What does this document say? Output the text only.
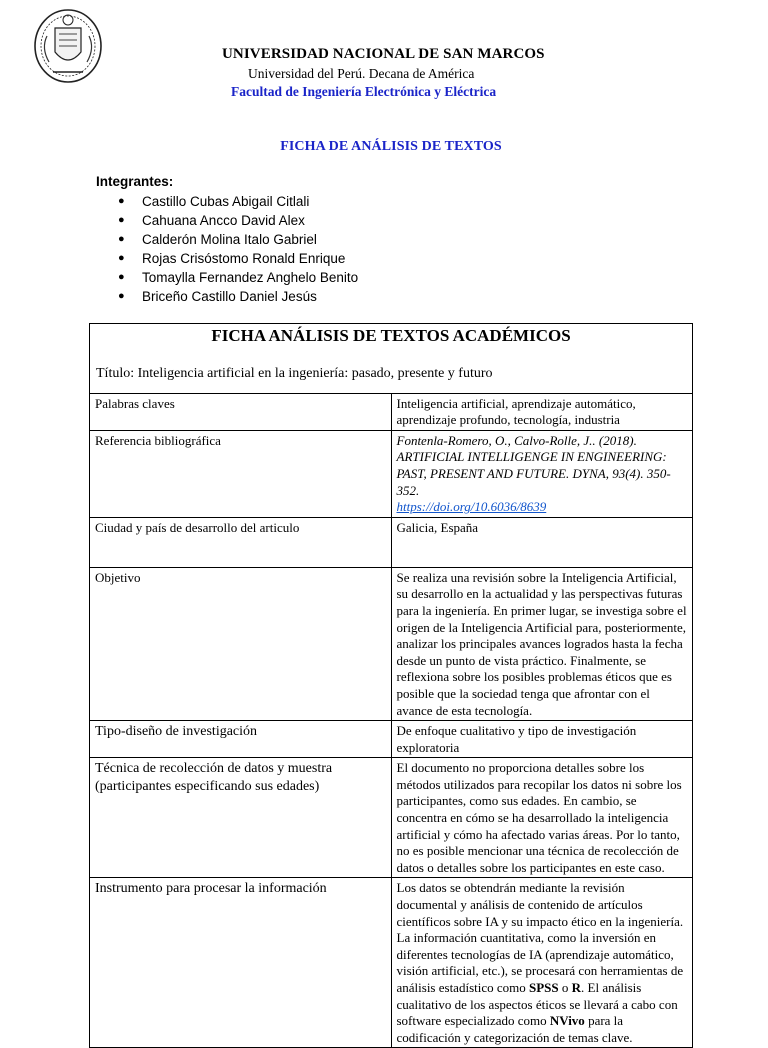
UNIVERSIDAD NACIONAL DE SAN MARCOS
Universidad del Perú. Decana de América
Facultad de Ingeniería Electrónica y Eléctrica
FICHA DE ANÁLISIS DE TEXTOS
Integrantes:
● Castillo Cubas Abigail Citlali
● Cahuana Ancco David Alex
● Calderón Molina Italo Gabriel
● Rojas Crisóstomo Ronald Enrique
● Tomaylla Fernandez Anghelo Benito
● Briceño Castillo Daniel Jesús
FICHA ANÁLISIS DE TEXTOS ACADÉMICOS
Título: Inteligencia artificial en la ingeniería: pasado, presente y futuro	

Palabras claves	Inteligencia artificial, aprendizaje automático, aprendizaje profundo, tecnología, industria
Referencia bibliográfica	Fontenla-Romero, O., Calvo-Rolle, J.. (2018). ARTIFICIAL INTELLIGENGE IN ENGINEERING: PAST, PRESENT AND FUTURE. DYNA, 93(4). 350-352.
https://doi.org/10.6036/8639
Ciudad y país de desarrollo del articulo	Galicia, España
Objetivo	Se realiza una revisión sobre la Inteligencia Artificial, su desarrollo en la actualidad y las perspectivas futuras para la ingeniería. En primer lugar, se investiga sobre el origen de la Inteligencia Artificial para, posteriormente, analizar los principales avances logrados hasta la fecha desde un punto de vista práctico. Finalmente, se reflexiona sobre los posibles problemas éticos que es posible que la sociedad tenga que afrontar con el avance de esta tecnología.
Tipo-diseño de investigación	De enfoque cualitativo y tipo de investigación exploratoria
Técnica de recolección de datos y muestra (participantes especificando sus edades)	El documento no proporciona detalles sobre los métodos utilizados para recopilar los datos ni sobre los participantes, como sus edades. En cambio, se concentra en cómo se ha desarrollado la inteligencia artificial y cómo ha afectado varias áreas. Por lo tanto, no es posible mencionar una técnica de recolección de datos o detalles sobre los participantes en este caso.
Instrumento para procesar la información	Los datos se obtendrán mediante la revisión documental y análisis de contenido de artículos científicos sobre IA y su impacto ético en la ingeniería. La información cuantitativa, como la inversión en diferentes tecnologías de IA (aprendizaje automático, visión artificial, etc.), se procesará con herramientas de análisis estadístico como SPSS o R. El análisis cualitativo de los aspectos éticos se llevará a cabo con software especializado como NVivo para la codificación y categorización de temas clave.
